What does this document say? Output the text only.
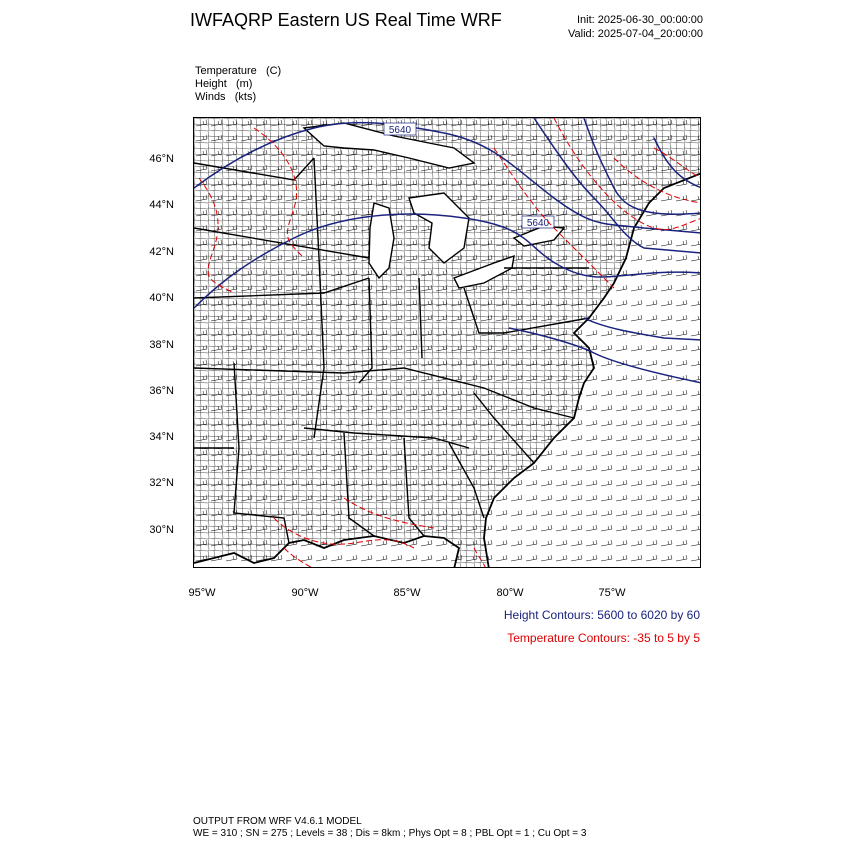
IWFAQRP Eastern US Real Time WRF	Init: 2025-06-30_00:00:00
Valid: 2025-07-04_20:00:00
Temperature (C)
Height (m)
Winds (kts)
46°N
44°N
42°N
40°N
38°N
36°N
34°N
32°N
30°N
5640
5640
95°W	90°W	85°W	80°W	75°W
Height Contours: 5600 to 6020 by 60
Temperature Contours: -35 to 5 by 5
OUTPUT FROM WRF V4.6.1 MODEL
WE = 310 ; SN = 275 ; Levels = 38 ; Dis = 8km ; Phys Opt = 8 ; PBL Opt = 1 ; Cu Opt = 3
